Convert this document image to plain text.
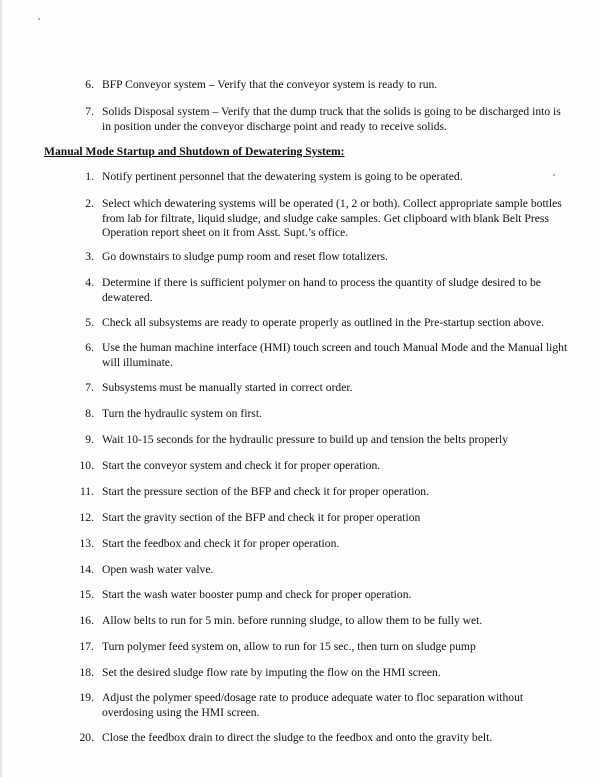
6. BFP Conveyor system – Verify that the conveyor system is ready to run.
7. Solids Disposal system – Verify that the dump truck that the solids is going to be discharged into is
in position under the conveyor discharge point and ready to receive solids.
Manual Mode Startup and Shutdown of Dewatering System:
1. Notify pertinent personnel that the dewatering system is going to be operated.
2. Select which dewatering systems will be operated (1, 2 or both). Collect appropriate sample bottles
from lab for filtrate, liquid sludge, and sludge cake samples. Get clipboard with blank Belt Press
Operation report sheet on it from Asst. Supt.’s office.
3. Go downstairs to sludge pump room and reset flow totalizers.
4. Determine if there is sufficient polymer on hand to process the quantity of sludge desired to be
dewatered.
5. Check all subsystems are ready to operate properly as outlined in the Pre-startup section above.
6. Use the human machine interface (HMI) touch screen and touch Manual Mode and the Manual light
will illuminate.
7. Subsystems must be manually started in correct order.
8. Turn the hydraulic system on first.
9. Wait 10-15 seconds for the hydraulic pressure to build up and tension the belts properly
10. Start the conveyor system and check it for proper operation.
11. Start the pressure section of the BFP and check it for proper operation.
12. Start the gravity section of the BFP and check it for proper operation
13. Start the feedbox and check it for proper operation.
14. Open wash water valve.
15. Start the wash water booster pump and check for proper operation.
16. Allow belts to run for 5 min. before running sludge, to allow them to be fully wet.
17. Turn polymer feed system on, allow to run for 15 sec., then turn on sludge pump
18. Set the desired sludge flow rate by imputing the flow on the HMI screen.
19. Adjust the polymer speed/dosage rate to produce adequate water to floc separation without
overdosing using the HMI screen.
20. Close the feedbox drain to direct the sludge to the feedbox and onto the gravity belt.
